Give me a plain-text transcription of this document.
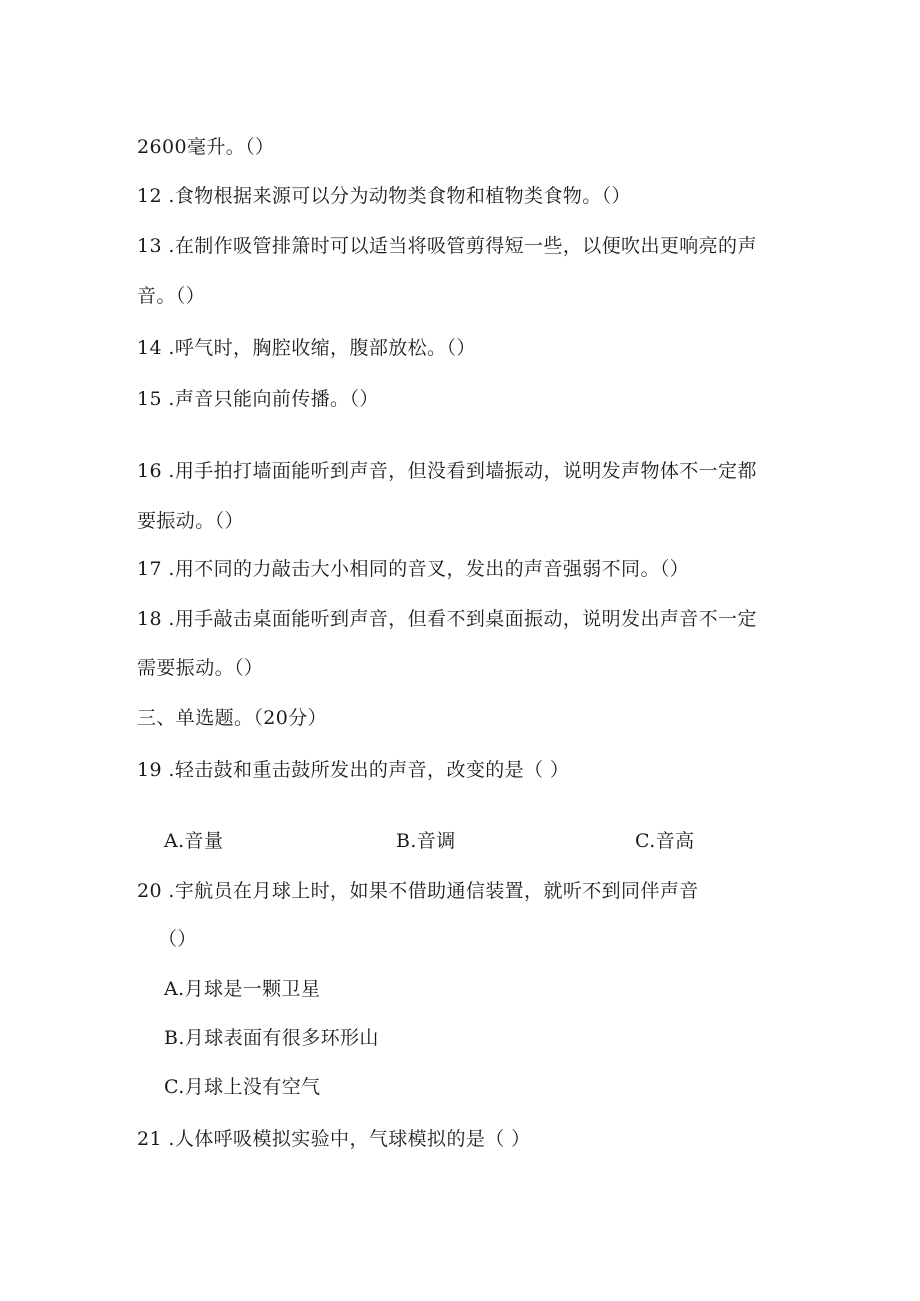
2600毫升。（）
12 .食物根据来源可以分为动物类食物和植物类食物。（）
13 .在制作吸管排箫时可以适当将吸管剪得短一些，以便吹出更响亮的声
音。（）
14 .呼气时，胸腔收缩，腹部放松。（）
15 .声音只能向前传播。（）
16 .用手拍打墙面能听到声音，但没看到墙振动，说明发声物体不一定都
要振动。（）
17 .用不同的力敲击大小相同的音叉，发出的声音强弱不同。（）
18 .用手敲击桌面能听到声音，但看不到桌面振动，说明发出声音不一定
需要振动。（）
三、单选题。（20分）
19 .轻击鼓和重击鼓所发出的声音，改变的是（ ）
A.音量	B.音调	C.音高
20 .宇航员在月球上时，如果不借助通信装置，就听不到同伴声音
（）
A.月球是一颗卫星
B.月球表面有很多环形山
C.月球上没有空气
21 .人体呼吸模拟实验中，气球模拟的是（ ）
